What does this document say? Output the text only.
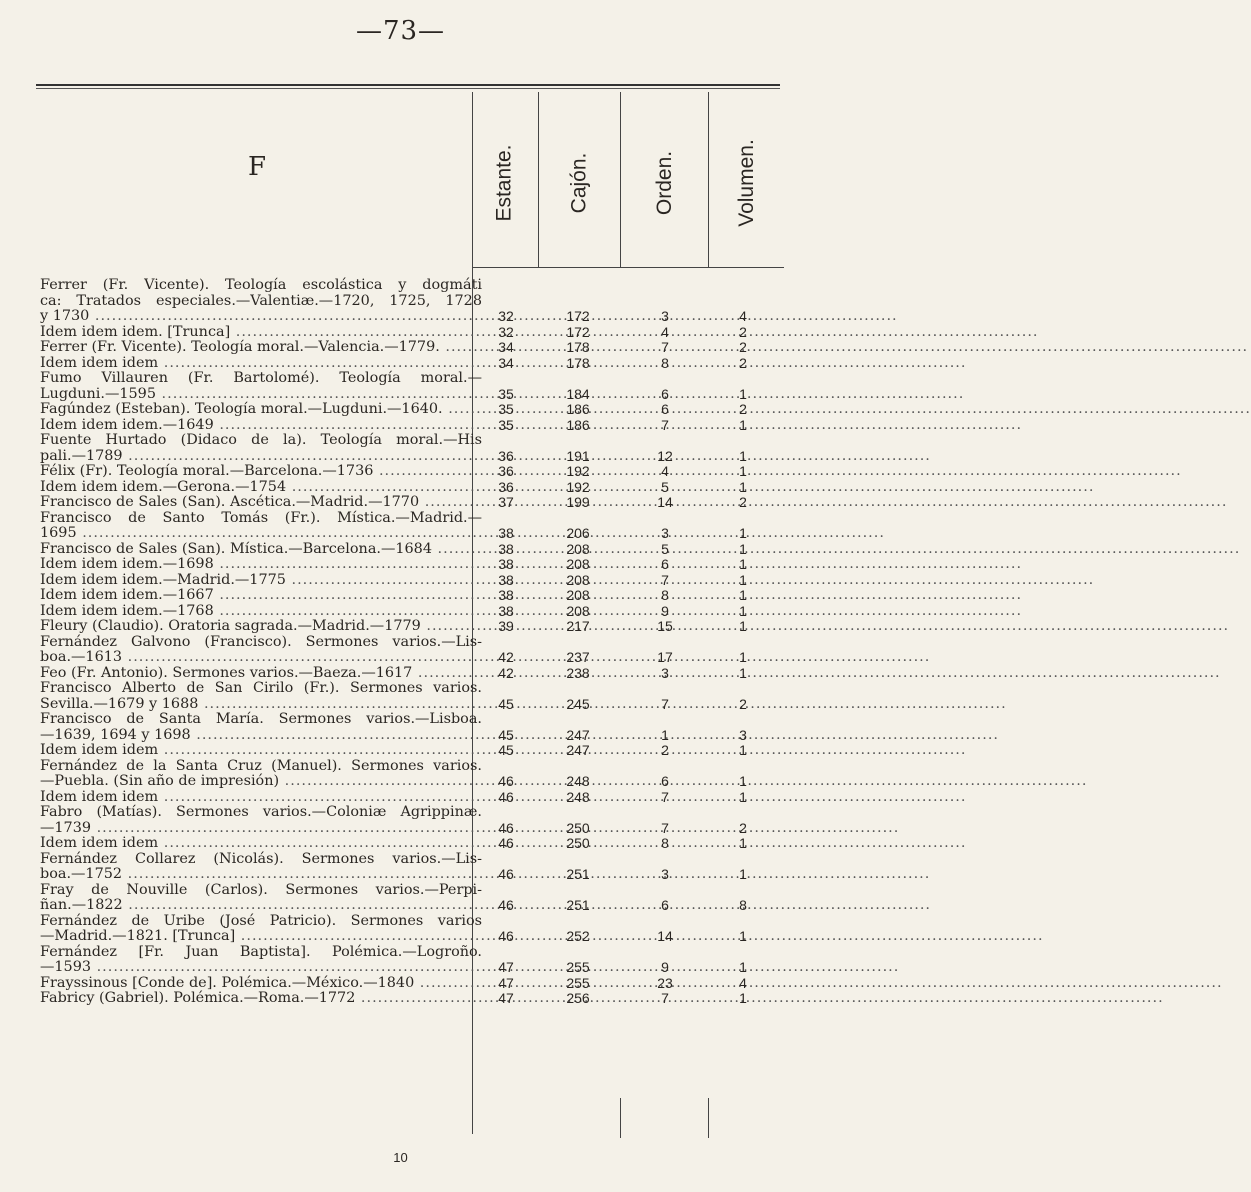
—73—
F	Estante. Cajón.	Orden.	Volumen.
Ferrer (Fr. Vicente). Teología escolástica y dogmáti
ca: Tratados especiales.—Valentiæ.—1720, 1725, 1728
y 1730 .....	32	172	3	4
Idem idem idem. [Trunca] .....	32	172	4	2
Ferrer (Fr. Vicente). Teología moral.—Valencia.—1779. .....	34	178	7	2
Idem idem idem .....	34	178	8	2
Fumo Villauren (Fr. Bartolomé). Teología moral.—
Lugduni.—1595 .....	35	184	6	1
Fagúndez (Esteban). Teología moral.—Lugduni.—1640. .....	35	186	6	2
Idem idem idem.—1649 .....	35	186	7	1
Fuente Hurtado (Didaco de la). Teología moral.—His
pali.—1789 .....	36	191	12	1
Félix (Fr). Teología moral.—Barcelona.—1736 .....	36	192	4	1
Idem idem idem.—Gerona.—1754 .....	36	192	5	1
Francisco de Sales (San). Ascética.—Madrid.—1770 .....	37	199	14	2
Francisco de Santo Tomás (Fr.). Mística.—Madrid.—
1695 .....	38	206	3	1
Francisco de Sales (San). Mística.—Barcelona.—1684 .....	38	208	5	1
Idem idem idem.—1698 .....	38	208	6	1
Idem idem idem.—Madrid.—1775 .....	38	208	7	1
Idem idem idem.—1667 .....	38	208	8	1
Idem idem idem.—1768 .....	38	208	9	1
Fleury (Claudio). Oratoria sagrada.—Madrid.—1779 .....	39	217	15	1
Fernández Galvono (Francisco). Sermones varios.—Lis-
boa.—1613 .....	42	237	17	1
Feo (Fr. Antonio). Sermones varios.—Baeza.—1617 .....	42	238	3	1
Francisco Alberto de San Cirilo (Fr.). Sermones varios.
Sevilla.—1679 y 1688 .....	45	245	7	2
Francisco de Santa María. Sermones varios.—Lisboa.
—1639, 1694 y 1698 .....	45	247	1	3
Idem idem idem .....	45	247	2	1
Fernández de la Santa Cruz (Manuel). Sermones varios.
—Puebla. (Sin año de impresión) .....	46	248	6	1
Idem idem idem .....	46	248	7	1
Fabro (Matías). Sermones varios.—Coloniæ Agrippinæ.
—1739 .....	46	250	7	2
Idem idem idem .....	46	250	8	1
Fernández Collarez (Nicolás). Sermones varios.—Lis-
boa.—1752 .....	46	251	3	1
Fray de Nouville (Carlos). Sermones varios.—Perpi-
ñan.—1822 .....	46	251	6	8
Fernández de Uribe (José Patricio). Sermones varios
—Madrid.—1821. [Trunca] .....	46	252	14	1
Fernández [Fr. Juan Baptista]. Polémica.—Logroño.
—1593 .....	47	255	9	1
Frayssinous [Conde de]. Polémica.—México.—1840 .....	47	255	23	4
Fabricy (Gabriel). Polémica.—Roma.—1772 .....	47	256	7	1
10
